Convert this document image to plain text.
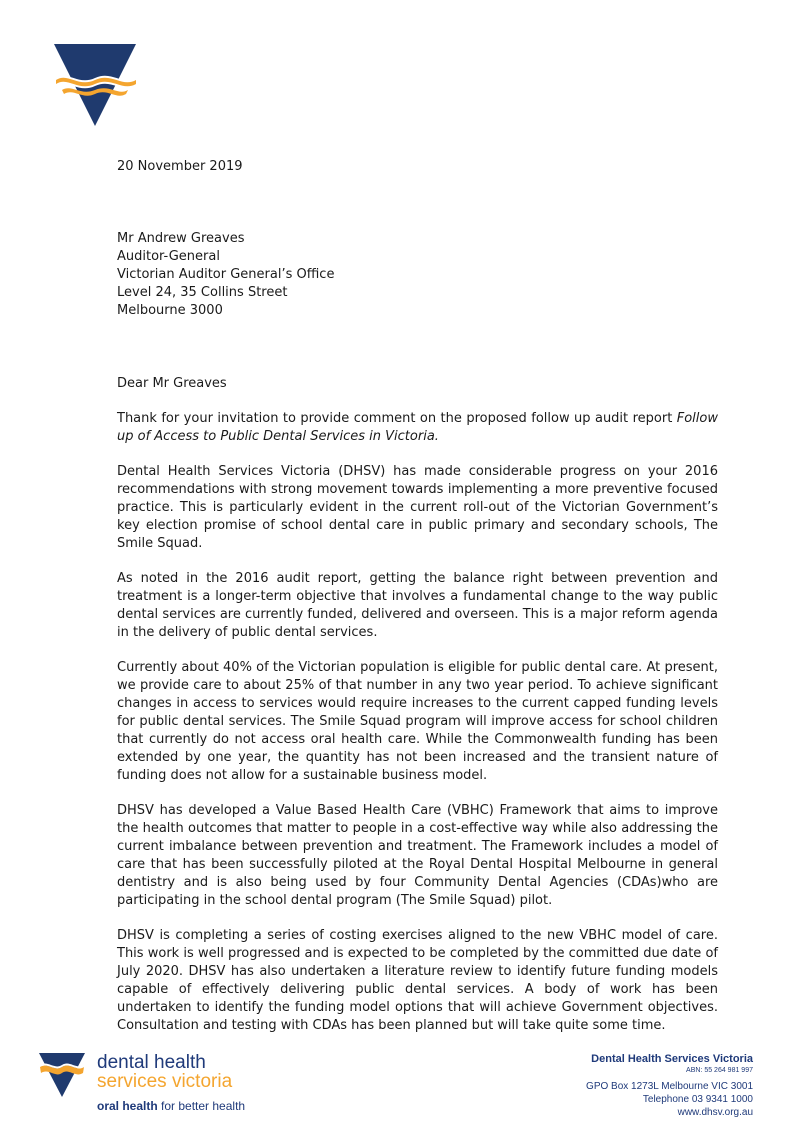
20 November 2019
Mr Andrew Greaves
Auditor-General
Victorian Auditor General’s Office
Level 24, 35 Collins Street
Melbourne 3000
Dear Mr Greaves

Thank for your invitation to provide comment on the proposed follow up audit report Follow up of Access to Public Dental Services in Victoria.

Dental Health Services Victoria (DHSV) has made considerable progress on your 2016 recommendations with strong movement towards implementing a more preventive focused practice. This is particularly evident in the current roll-out of the Victorian Government’s key election promise of school dental care in public primary and secondary schools, The Smile Squad.

As noted in the 2016 audit report, getting the balance right between prevention and treatment is a longer-term objective that involves a fundamental change to the way public dental services are currently funded, delivered and overseen. This is a major reform agenda in the delivery of public dental services.

Currently about 40% of the Victorian population is eligible for public dental care. At present, we provide care to about 25% of that number in any two year period. To achieve significant changes in access to services would require increases to the current capped funding levels for public dental services. The Smile Squad program will improve access for school children that currently do not access oral health care. While the Commonwealth funding has been extended by one year, the quantity has not been increased and the transient nature of funding does not allow for a sustainable business model.

DHSV has developed a Value Based Health Care (VBHC) Framework that aims to improve the health outcomes that matter to people in a cost-effective way while also addressing the current imbalance between prevention and treatment. The Framework includes a model of care that has been successfully piloted at the Royal Dental Hospital Melbourne in general dentistry and is also being used by four Community Dental Agencies (CDAs)who are participating in the school dental program (The Smile Squad) pilot.

DHSV is completing a series of costing exercises aligned to the new VBHC model of care. This work is well progressed and is expected to be completed by the committed due date of July 2020. DHSV has also undertaken a literature review to identify future funding models capable of effectively delivering public dental services. A body of work has been undertaken to identify the funding model options that will achieve Government objectives. Consultation and testing with CDAs has been planned but will take quite some time.

dental health
services victoria
oral health for better health
Dental Health Services Victoria
ABN: 55 264 981 997
GPO Box 1273L Melbourne VIC 3001
Telephone 03 9341 1000
www.dhsv.org.au
